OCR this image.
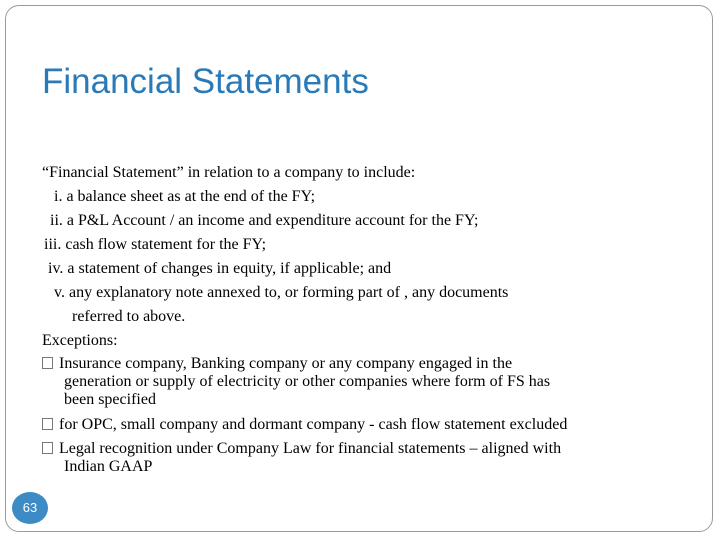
Financial Statements
“Financial Statement” in relation to a company to include:
i. a balance sheet as at the end of the FY;
ii. a P&L Account / an income and expenditure account for the FY;
iii. cash flow statement for the FY;
iv. a statement of changes in equity, if applicable; and
v. any explanatory note annexed to, or forming part of , any documents
referred to above.
Exceptions:
Insurance company, Banking company or any company engaged in the
generation or supply of electricity or other companies where form of FS has
been specified
for OPC, small company and dormant company - cash flow statement excluded
Legal recognition under Company Law for financial statements – aligned with
Indian GAAP
63
